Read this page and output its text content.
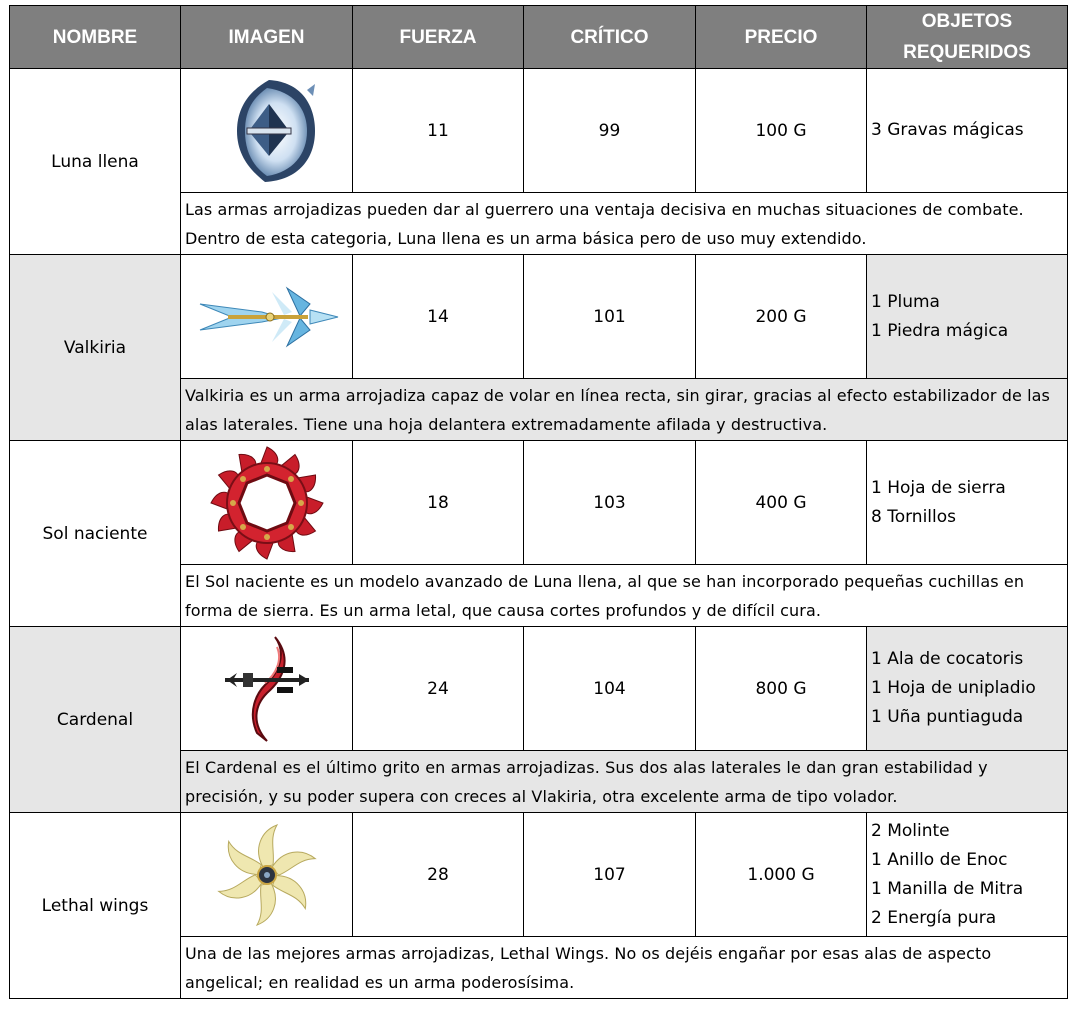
NOMBRE	IMAGEN	FUERZA	CRÍTICO	PRECIO	OBJETOS
REQUERIDOS

Luna llena		11	99	100 G	3 Gravas mágicas

	Las armas arrojadizas pueden dar al guerrero una ventaja decisiva en muchas situaciones de combate. Dentro de esta categoria, Luna llena es un arma básica pero de uso muy extendido.				
Valkiria		14	101	200 G	1 Pluma
1 Piedra mágica

	Valkiria es un arma arrojadiza capaz de volar en línea recta, sin girar, gracias al efecto estabilizador de las alas laterales. Tiene una hoja delantera extremadamente afilada y destructiva.				
Sol naciente		18	103	400 G	1 Hoja de sierra
8 Tornillos

	El Sol naciente es un modelo avanzado de Luna llena, al que se han incorporado pequeñas cuchillas en forma de sierra. Es un arma letal, que causa cortes profundos y de difícil cura.				
Cardenal		24	104	800 G	1 Ala de cocatoris
1 Hoja de unipladio
1 Uña puntiaguda

	El Cardenal es el último grito en armas arrojadizas. Sus dos alas laterales le dan gran estabilidad y precisión, y su poder supera con creces al Vlakiria, otra excelente arma de tipo volador.				
Lethal wings		28	107	1.000 G	2 Molinte
1 Anillo de Enoc
1 Manilla de Mitra
2 Energía pura

	Una de las mejores armas arrojadizas, Lethal Wings. No os dejéis engañar por esas alas de aspecto angelical; en realidad es un arma poderosísima.				
